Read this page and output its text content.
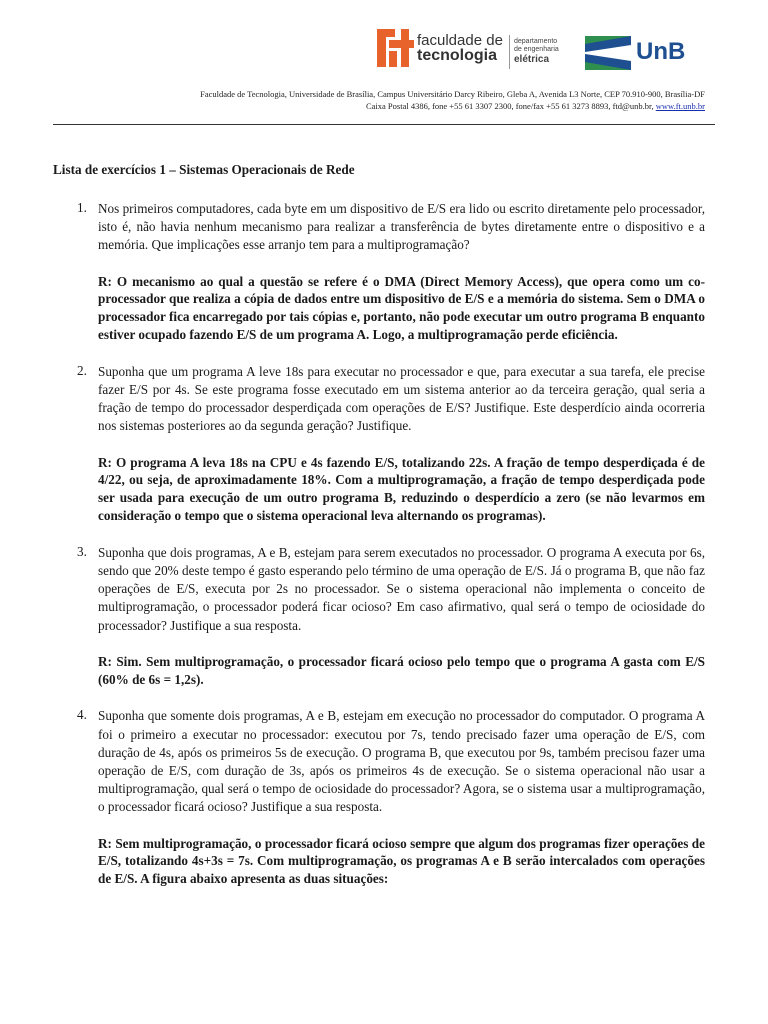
faculdade de
tecnologia
departamento
de engenharia
elétrica	UnB
Faculdade de Tecnologia, Universidade de Brasília, Campus Universitário Darcy Ribeiro, Gleba A, Avenida L3 Norte, CEP 70.910-900, Brasília-DF
Caixa Postal 4386, fone +55 61 3307 2300, fone/fax +55 61 3273 8893, ftd@unb.br, www.ft.unb.br
Lista de exercícios 1 – Sistemas Operacionais de Rede
1. Nos primeiros computadores, cada byte em um dispositivo de E/S era lido ou escrito diretamente pelo processador, isto é, não havia nenhum mecanismo para realizar a transferência de bytes diretamente entre o dispositivo e a memória. Que implicações esse arranjo tem para a multiprogramação?

R: O mecanismo ao qual a questão se refere é o DMA (Direct Memory Access), que opera como um co-processador que realiza a cópia de dados entre um dispositivo de E/S e a memória do sistema. Sem o DMA o processador fica encarregado por tais cópias e, portanto, não pode executar um outro programa B enquanto estiver ocupado fazendo E/S de um programa A. Logo, a multiprogramação perde eficiência.

2. Suponha que um programa A leve 18s para executar no processador e que, para executar a sua tarefa, ele precise fazer E/S por 4s. Se este programa fosse executado em um sistema anterior ao da terceira geração, qual seria a fração de tempo do processador desperdiçada com operações de E/S? Justifique. Este desperdício ainda ocorreria nos sistemas posteriores ao da segunda geração? Justifique.

R: O programa A leva 18s na CPU e 4s fazendo E/S, totalizando 22s. A fração de tempo desperdiçada é de 4/22, ou seja, de aproximadamente 18%. Com a multiprogramação, a fração de tempo desperdiçada pode ser usada para execução de um outro programa B, reduzindo o desperdício a zero (se não levarmos em consideração o tempo que o sistema operacional leva alternando os programas).

3. Suponha que dois programas, A e B, estejam para serem executados no processador. O programa A executa por 6s, sendo que 20% deste tempo é gasto esperando pelo término de uma operação de E/S. Já o programa B, que não faz operações de E/S, executa por 2s no processador. Se o sistema operacional não implementa o conceito de multiprogramação, o processador poderá ficar ocioso? Em caso afirmativo, qual será o tempo de ociosidade do processador? Justifique a sua resposta.

R: Sim. Sem multiprogramação, o processador ficará ocioso pelo tempo que o programa A gasta com E/S (60% de 6s = 1,2s).

4. Suponha que somente dois programas, A e B, estejam em execução no processador do computador. O programa A foi o primeiro a executar no processador: executou por 7s, tendo precisado fazer uma operação de E/S, com duração de 4s, após os primeiros 5s de execução. O programa B, que executou por 9s, também precisou fazer uma operação de E/S, com duração de 3s, após os primeiros 4s de execução. Se o sistema operacional não usar a multiprogramação, qual será o tempo de ociosidade do processador? Agora, se o sistema usar a multiprogramação, o processador ficará ocioso? Justifique a sua resposta.

R: Sem multiprogramação, o processador ficará ocioso sempre que algum dos programas fizer operações de E/S, totalizando 4s+3s = 7s. Com multiprogramação, os programas A e B serão intercalados com operações de E/S. A figura abaixo apresenta as duas situações:
